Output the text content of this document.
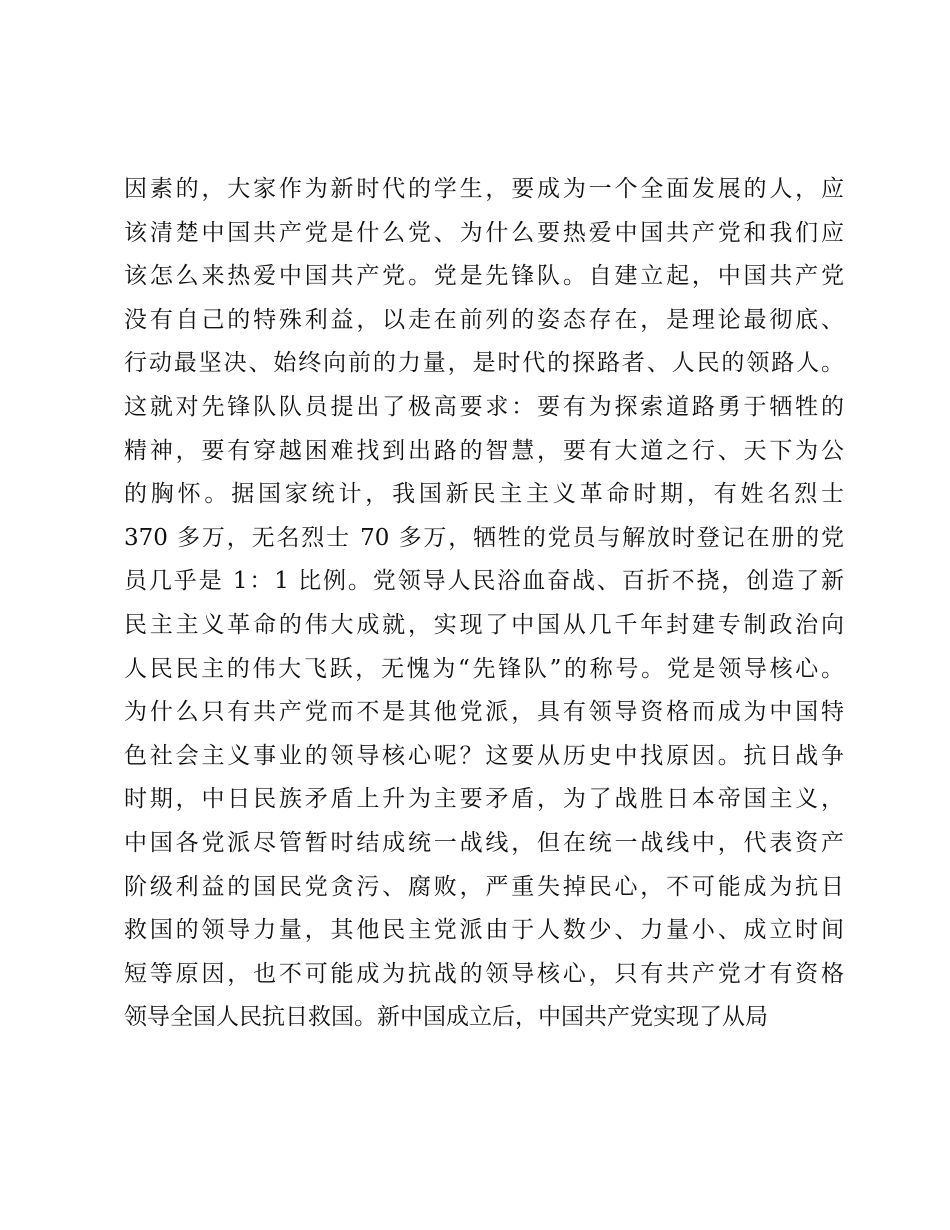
因素的，大家作为新时代的学生，要成为一个全面发展的人，应
该清楚中国共产党是什么党、为什么要热爱中国共产党和我们应
该怎么来热爱中国共产党。党是先锋队。自建立起，中国共产党
没有自己的特殊利益，以走在前列的姿态存在，是理论最彻底、
行动最坚决、始终向前的力量，是时代的探路者、人民的领路人。
这就对先锋队队员提出了极高要求：要有为探索道路勇于牺牲的
精神，要有穿越困难找到出路的智慧，要有大道之行、天下为公
的胸怀。据国家统计，我国新民主主义革命时期，有姓名烈士
370 多万，无名烈士 70 多万，牺牲的党员与解放时登记在册的党
员几乎是 1：1 比例。党领导人民浴血奋战、百折不挠，创造了新
民主主义革命的伟大成就，实现了中国从几千年封建专制政治向
人民民主的伟大飞跃，无愧为“先锋队”的称号。党是领导核心。
为什么只有共产党而不是其他党派，具有领导资格而成为中国特
色社会主义事业的领导核心呢？这要从历史中找原因。抗日战争
时期，中日民族矛盾上升为主要矛盾，为了战胜日本帝国主义，
中国各党派尽管暂时结成统一战线，但在统一战线中，代表资产
阶级利益的国民党贪污、腐败，严重失掉民心，不可能成为抗日
救国的领导力量，其他民主党派由于人数少、力量小、成立时间
短等原因，也不可能成为抗战的领导核心，只有共产党才有资格
领导全国人民抗日救国。新中国成立后，中国共产党实现了从局
